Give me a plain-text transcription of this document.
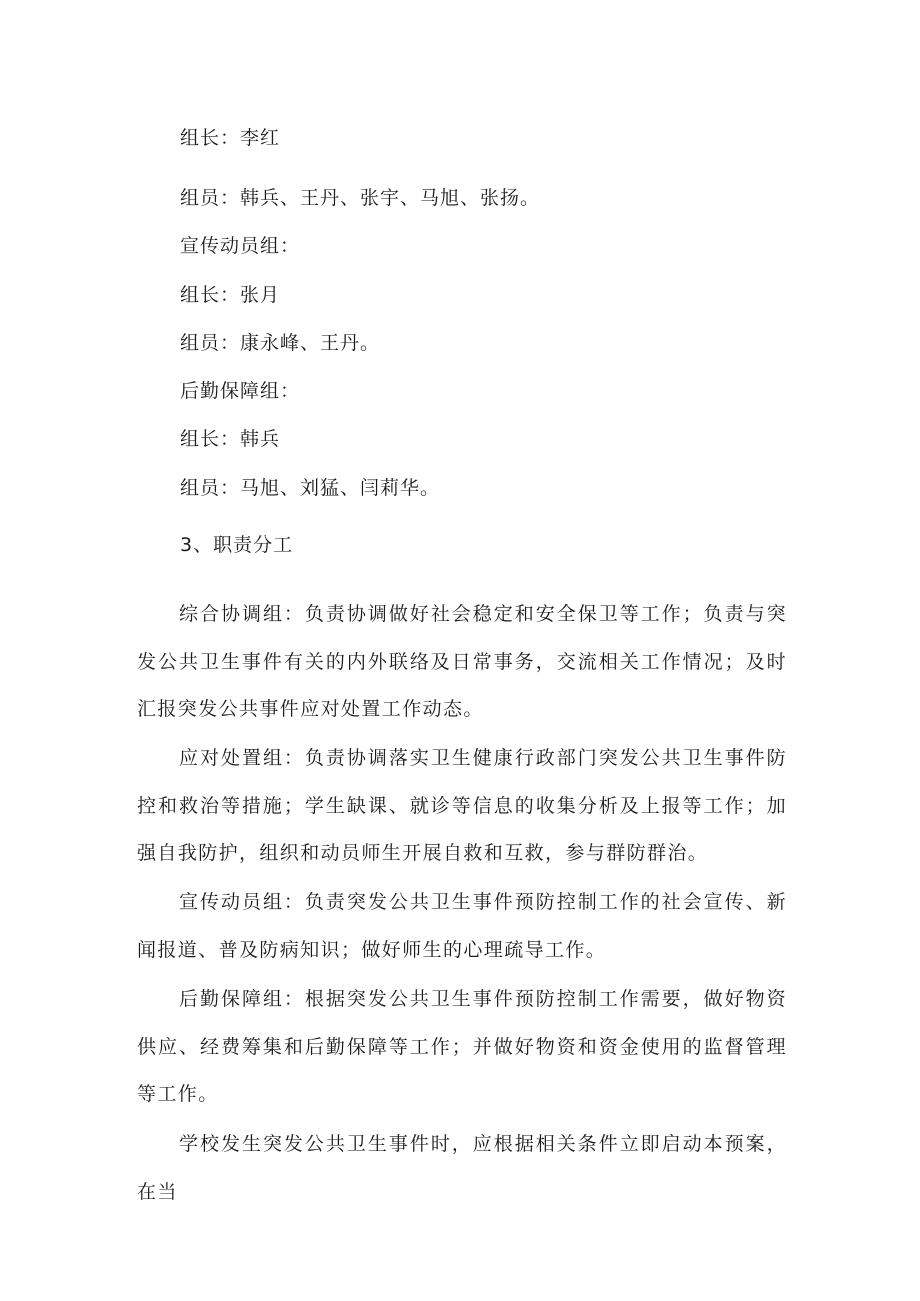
组长：李红
组员：韩兵、王丹、张宇、马旭、张扬。
宣传动员组：
组长：张月
组员：康永峰、王丹。
后勤保障组：
组长：韩兵
组员：马旭、刘猛、闫莉华。
3、职责分工

综合协调组：负责协调做好社会稳定和安全保卫等工作；负责与突发公共卫生事件有关的内外联络及日常事务，交流相关工作情况；及时汇报突发公共事件应对处置工作动态。

应对处置组：负责协调落实卫生健康行政部门突发公共卫生事件防控和救治等措施；学生缺课、就诊等信息的收集分析及上报等工作；加强自我防护，组织和动员师生开展自救和互救，参与群防群治。

宣传动员组：负责突发公共卫生事件预防控制工作的社会宣传、新闻报道、普及防病知识；做好师生的心理疏导工作。

后勤保障组：根据突发公共卫生事件预防控制工作需要，做好物资供应、经费筹集和后勤保障等工作；并做好物资和资金使用的监督管理等工作。

学校发生突发公共卫生事件时，应根据相关条件立即启动本预案，在当
